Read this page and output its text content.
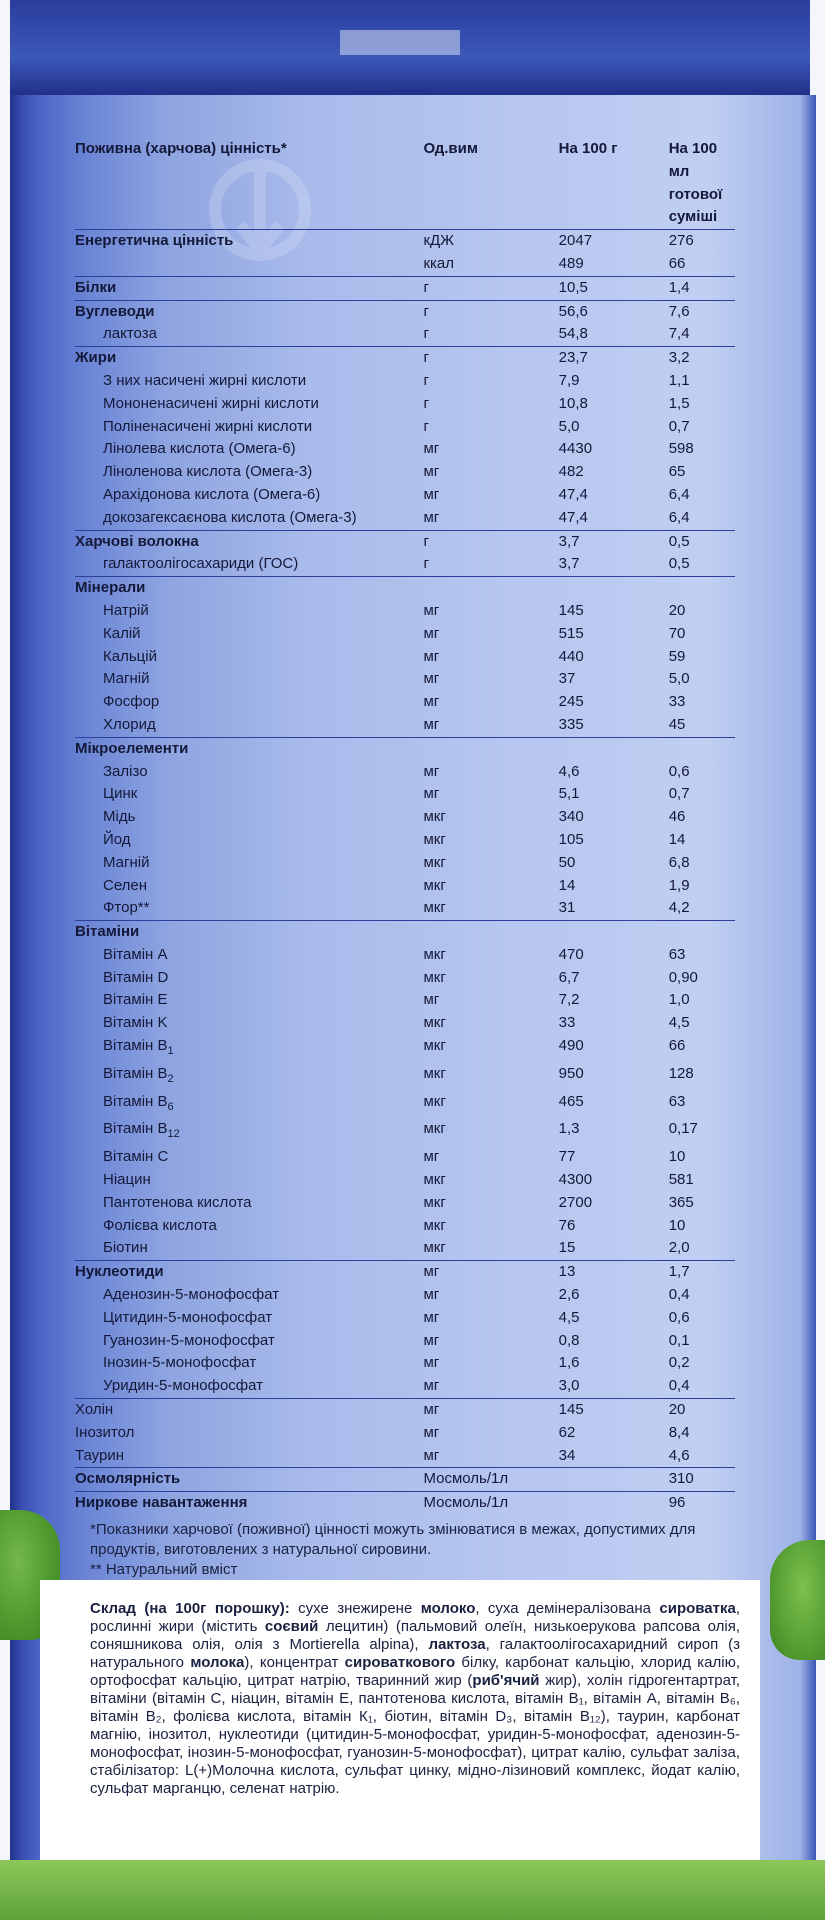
Поживна (харчова) цінність*	Од.вим	На 100 г	На 100 мл готової суміші
Енергетична цінність	кДЖ	2047	276
	ккал	489	66
Білки	г	10,5	1,4
Вуглеводи	г	56,6	7,6
лактоза	г	54,8	7,4
Жири	г	23,7	3,2
З них насичені жирні кислоти	г	7,9	1,1
Мононенасичені жирні кислоти	г	10,8	1,5
Поліненасичені жирні кислоти	г	5,0	0,7
Лінолева кислота (Омега-6)	мг	4430	598
Ліноленова кислота (Омега-3)	мг	482	65
Арахідонова кислота (Омега-6)	мг	47,4	6,4
докозагексаєнова кислота (Омега-3)	мг	47,4	6,4
Харчові волокна	г	3,7	0,5
галактоолігосахариди (ГОС)	г	3,7	0,5
Мінерали			
Натрій	мг	145	20
Калій	мг	515	70
Кальцій	мг	440	59
Магній	мг	37	5,0
Фосфор	мг	245	33
Хлорид	мг	335	45
Мікроелементи			
Залізо	мг	4,6	0,6
Цинк	мг	5,1	0,7
Мідь	мкг	340	46
Йод	мкг	105	14
Магній	мкг	50	6,8
Селен	мкг	14	1,9
Фтор**	мкг	31	4,2
Вітаміни			
Вітамін A	мкг	470	63
Вітамін D	мкг	6,7	0,90
Вітамін E	мг	7,2	1,0
Вітамін K	мкг	33	4,5
Вітамін $B_1$	мкг	490	66
Вітамін $B_2$	мкг	950	128
Вітамін $B_6$	мкг	465	63
Вітамін $B_{12}$	мкг	1,3	0,17
Вітамін C	мг	77	10
Ніацин	мкг	4300	581
Пантотенова кислота	мкг	2700	365
Фолієва кислота	мкг	76	10
Біотин	мкг	15	2,0
Нуклеотиди	мг	13	1,7
Аденозин-5-монофосфат	мг	2,6	0,4
Цитидин-5-монофосфат	мг	4,5	0,6
Гуанозин-5-монофосфат	мг	0,8	0,1
Інозин-5-монофосфат	мг	1,6	0,2
Уридин-5-монофосфат	мг	3,0	0,4
Холін	мг	145	20
Інозитол	мг	62	8,4
Таурин	мг	34	4,6
Осмолярність	Мосмоль/1л		310
Ниркове навантаження	Мосмоль/1л		96
*Показники харчової (поживної) цінності можуть змінюватися в межах, допустимих для продуктів, виготовлених з натуральної сировини.
** Натуральний вміст
Склад (на 100г порошку): сухе знежирене молоко, суха демінералізована сироватка, рослинні жири (містить соєвий лецитин) (пальмовий олеїн, низькоерукова рапсова олія, соняшникова олія, олія з Mortierella alpina), лактоза, галактоолігосахаридний сироп (з натурального молока), концентрат сироваткового білку, карбонат кальцію, хлорид калію, ортофосфат кальцію, цитрат натрію, тваринний жир (риб'ячий жир), холін гідрогентартрат, вітаміни (вітамін С, ніацин, вітамін Е, пантотенова кислота, вітамін В₁, вітамін А, вітамін В₆, вітамін В₂, фолієва кислота, вітамін К₁, біотин, вітамін D₃, вітамін В₁₂), таурин, карбонат магнію, інозитол, нуклеотиди (цитидин-5-монофосфат, уридин-5-монофосфат, аденозин-5-монофосфат, інозин-5-монофосфат, гуанозин-5-монофосфат), цитрат калію, сульфат заліза, стабілізатор: L(+)Молочна кислота, сульфат цинку, мідно-лізиновий комплекс, йодат калію, сульфат марганцю, селенат натрію.
